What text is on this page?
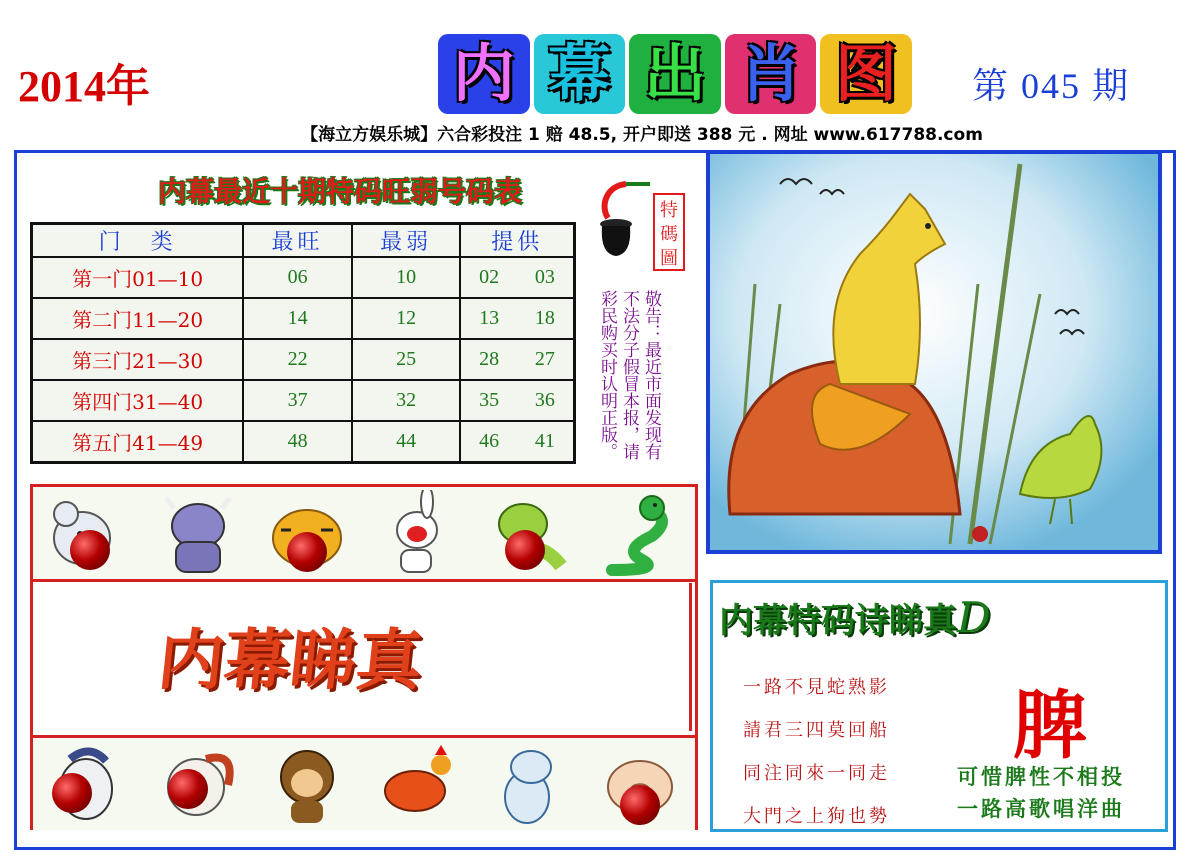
2014年	内 幕 出 肖 图	第 045 期
【海立方娱乐城】六合彩投注 1 赔 48.5, 开户即送 388 元 . 网址 www.617788.com
内幕最近十期特码旺弱号码表
门　类	最旺	最弱	提供	
第一门01—10	06	10	02	03
第二门11—20	14	12	13	18
第三门21—30	22	25	28	27
第四门31—40	37	32	35	36
第五门41—49	48	44	46	41
特
碼
圖
敬告：最近市面发现有不法分子假冒本报，请彩民购买时认明正版。
内幕睇真	内幕特码诗睇真D
一路不見蛇熟影
請君三四莫回船
同注同來一同走
大門之上狗也勢
脾
可惜脾性不相投
一路高歌唱洋曲
